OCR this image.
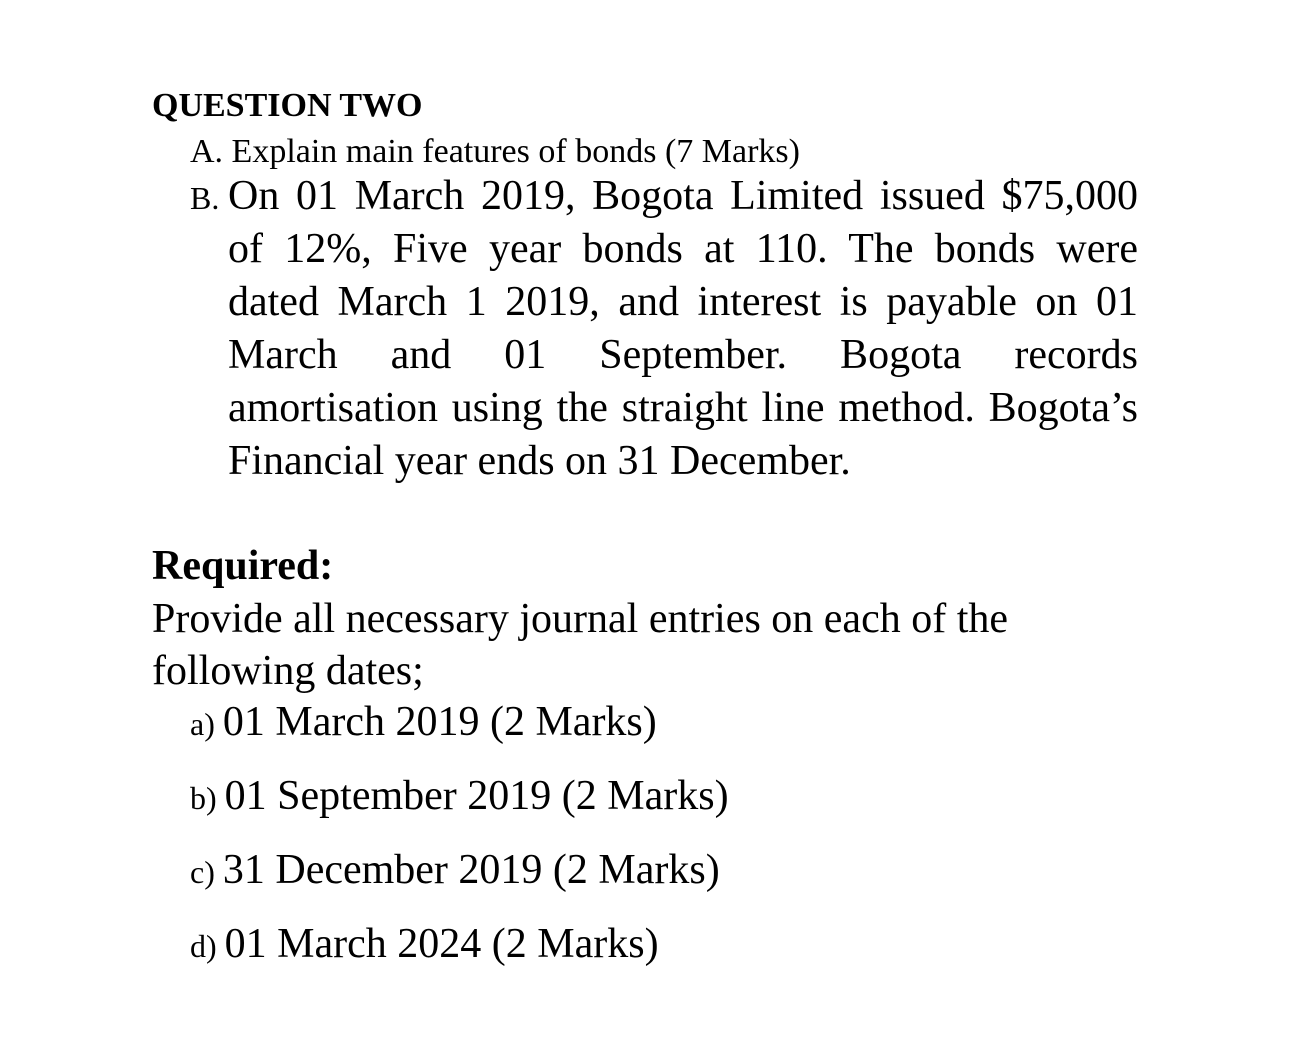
QUESTION TWO
A. Explain main features of bonds (7 Marks)
B. On 01 March 2019, Bogota Limited issued $75,000 of 12%, Five year bonds at 110. The bonds were dated March 1 2019, and interest is payable on 01 March and 01 September. Bogota records amortisation using the straight line method. Bogota’s Financial year ends on 31 December.
Required:
Provide all necessary journal entries on each of the following dates;
a) 01 March 2019 (2 Marks)
b) 01 September 2019 (2 Marks)
c) 31 December 2019 (2 Marks)
d) 01 March 2024 (2 Marks)
